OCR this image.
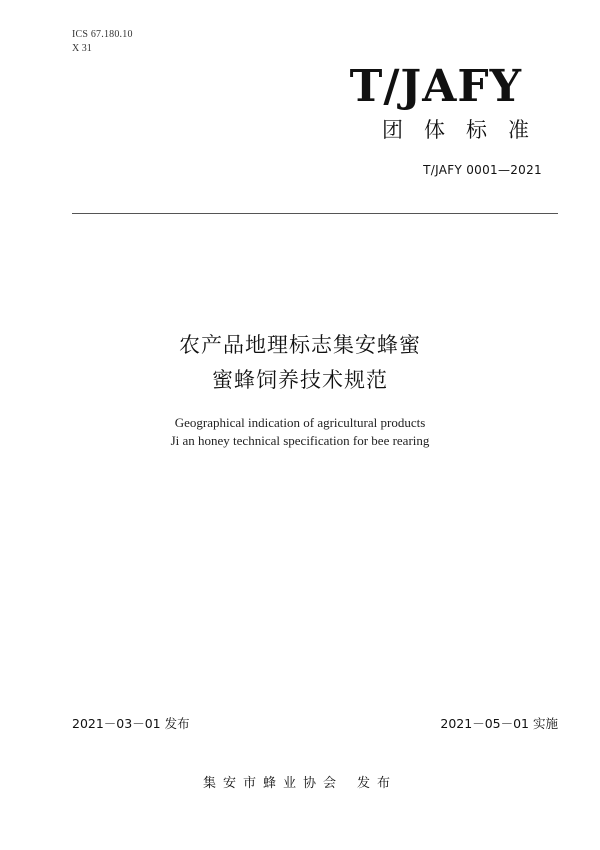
ICS 67.180.10
X 31
T/JAFY
团体标准
T/JAFY 0001—2021
农产品地理标志集安蜂蜜
蜜蜂饲养技术规范
Geographical indication of agricultural products
Ji an honey technical specification for bee rearing
2021－03－01 发布	2021－05－01 实施
集安市蜂业协会 发布
